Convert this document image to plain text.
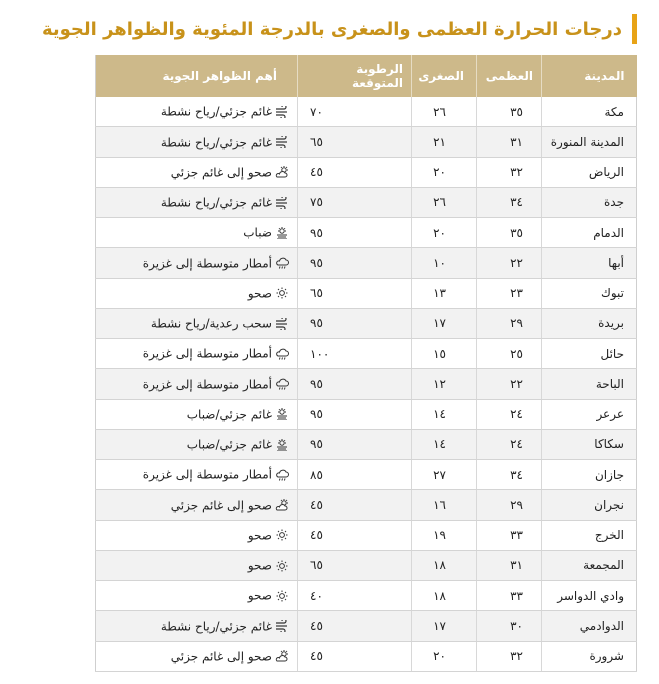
درجات الحرارة العظمى والصغرى بالدرجة المئوية والظواهر الجوية
المدينة	العظمى	الصغرى	الرطوبة المتوقعة	أهم الظواهر الجوية
مكة	٣٥	٢٦	٧٠	غائم جزئي/رياح نشطة
المدينة المنورة	٣١	٢١	٦٥	غائم جزئي/رياح نشطة
الرياض	٣٢	٢٠	٤٥	صحو إلى غائم جزئي
جدة	٣٤	٢٦	٧٥	غائم جزئي/رياح نشطة
الدمام	٣٥	٢٠	٩٥	ضباب
أبها	٢٢	١٠	٩٥	أمطار متوسطة إلى غزيرة
تبوك	٢٣	١٣	٦٥	صحو
بريدة	٢٩	١٧	٩٥	سحب رعدية/رياح نشطة
حائل	٢٥	١٥	١٠٠	أمطار متوسطة إلى غزيرة
الباحة	٢٢	١٢	٩٥	أمطار متوسطة إلى غزيرة
عرعر	٢٤	١٤	٩٥	غائم جزئي/ضباب
سكاكا	٢٤	١٤	٩٥	غائم جزئي/ضباب
جازان	٣٤	٢٧	٨٥	أمطار متوسطة إلى غزيرة
نجران	٢٩	١٦	٤٥	صحو إلى غائم جزئي
الخرج	٣٣	١٩	٤٥	صحو
المجمعة	٣١	١٨	٦٥	صحو
وادي الدواسر	٣٣	١٨	٤٠	صحو
الدوادمي	٣٠	١٧	٤٥	غائم جزئي/رياح نشطة
شرورة	٣٢	٢٠	٤٥	صحو إلى غائم جزئي
